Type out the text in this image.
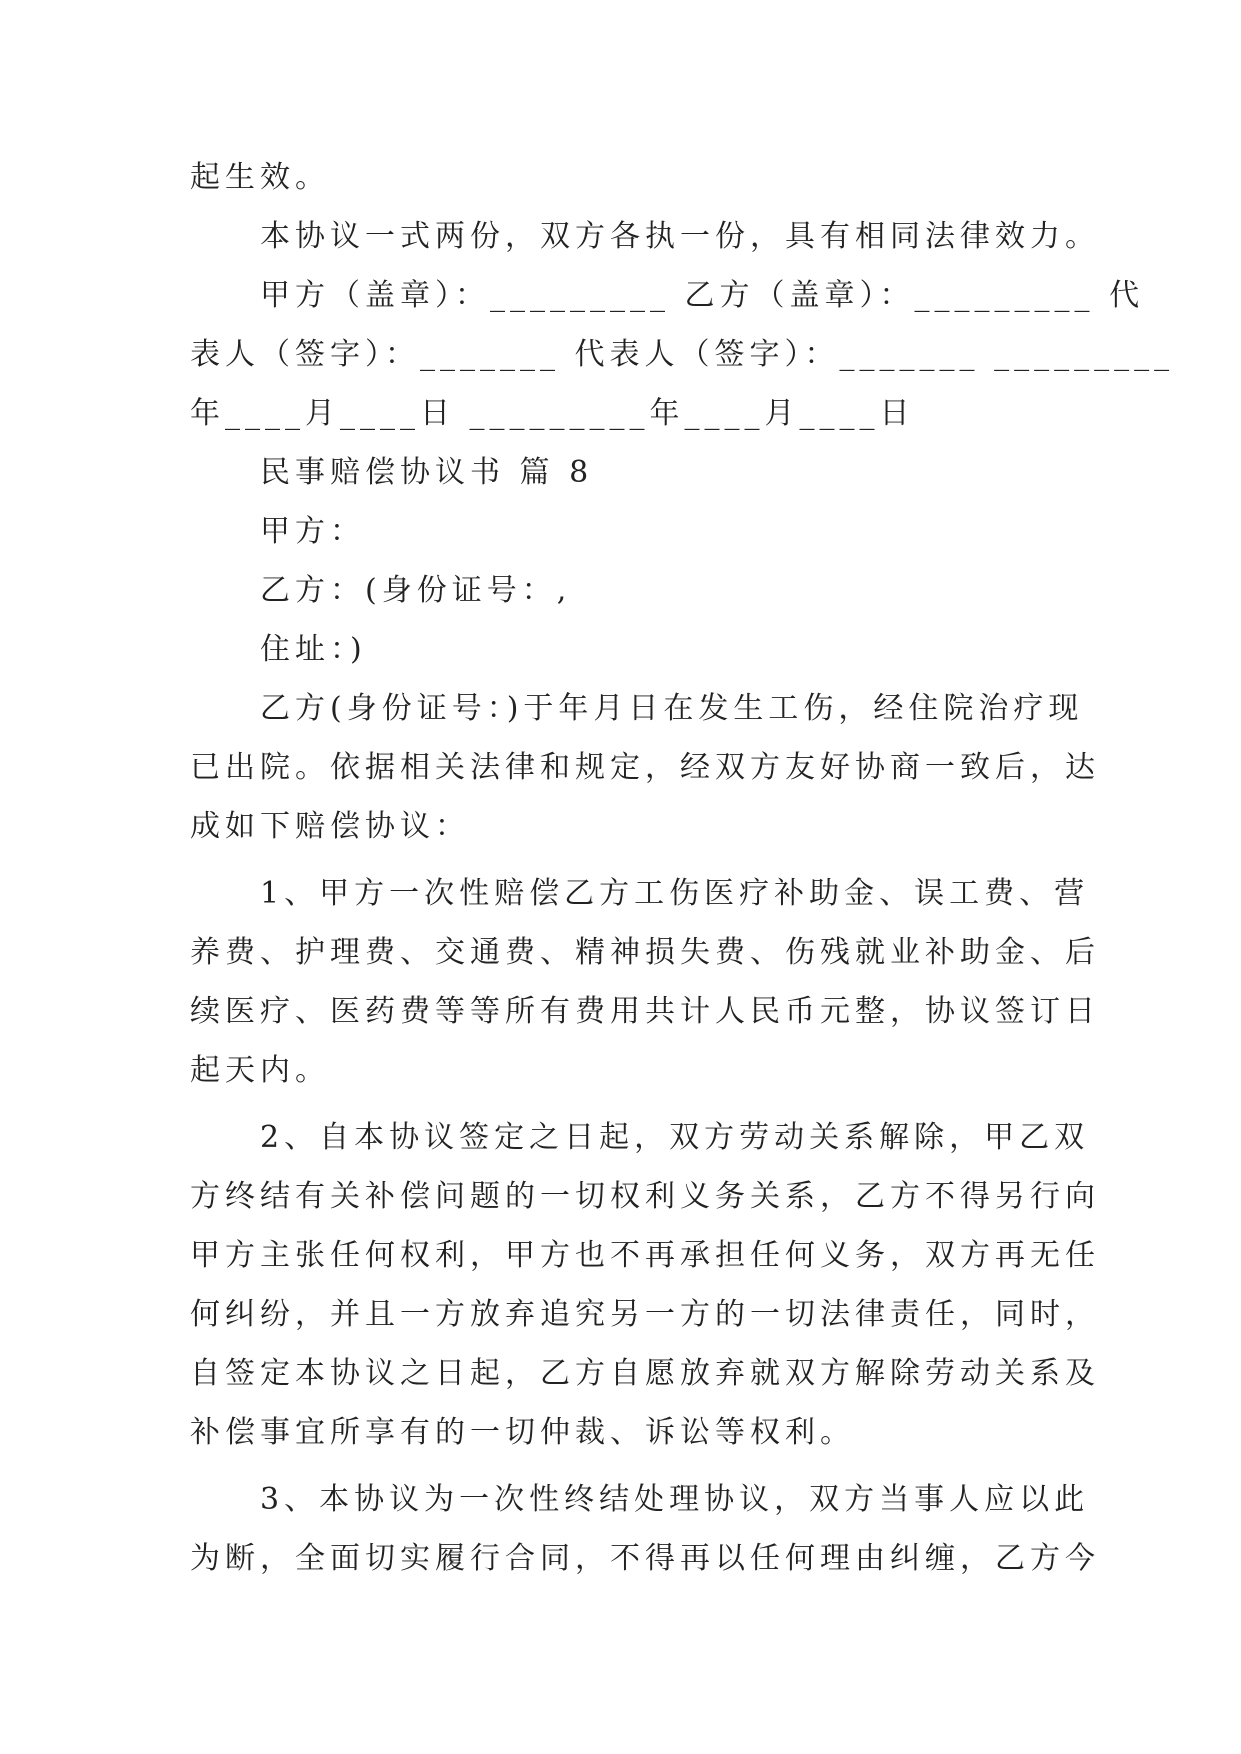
起生效。
本协议一式两份，双方各执一份，具有相同法律效力。
甲方（盖章）：_________ 乙方（盖章）：_________ 代
表人（签字）：_______ 代表人（签字）：_______ _________
年____月____日 _________年____月____日
民事赔偿协议书 篇 8
甲方：
乙方：(身份证号：,
住址：)
乙方(身份证号：)于年月日在发生工伤，经住院治疗现
已出院。依据相关法律和规定，经双方友好协商一致后，达
成如下赔偿协议：
1、甲方一次性赔偿乙方工伤医疗补助金、误工费、营
养费、护理费、交通费、精神损失费、伤残就业补助金、后
续医疗、医药费等等所有费用共计人民币元整，协议签订日
起天内。
2、自本协议签定之日起，双方劳动关系解除，甲乙双
方终结有关补偿问题的一切权利义务关系，乙方不得另行向
甲方主张任何权利，甲方也不再承担任何义务，双方再无任
何纠纷，并且一方放弃追究另一方的一切法律责任，同时，
自签定本协议之日起，乙方自愿放弃就双方解除劳动关系及
补偿事宜所享有的一切仲裁、诉讼等权利。
3、本协议为一次性终结处理协议，双方当事人应以此
为断，全面切实履行合同，不得再以任何理由纠缠，乙方今
